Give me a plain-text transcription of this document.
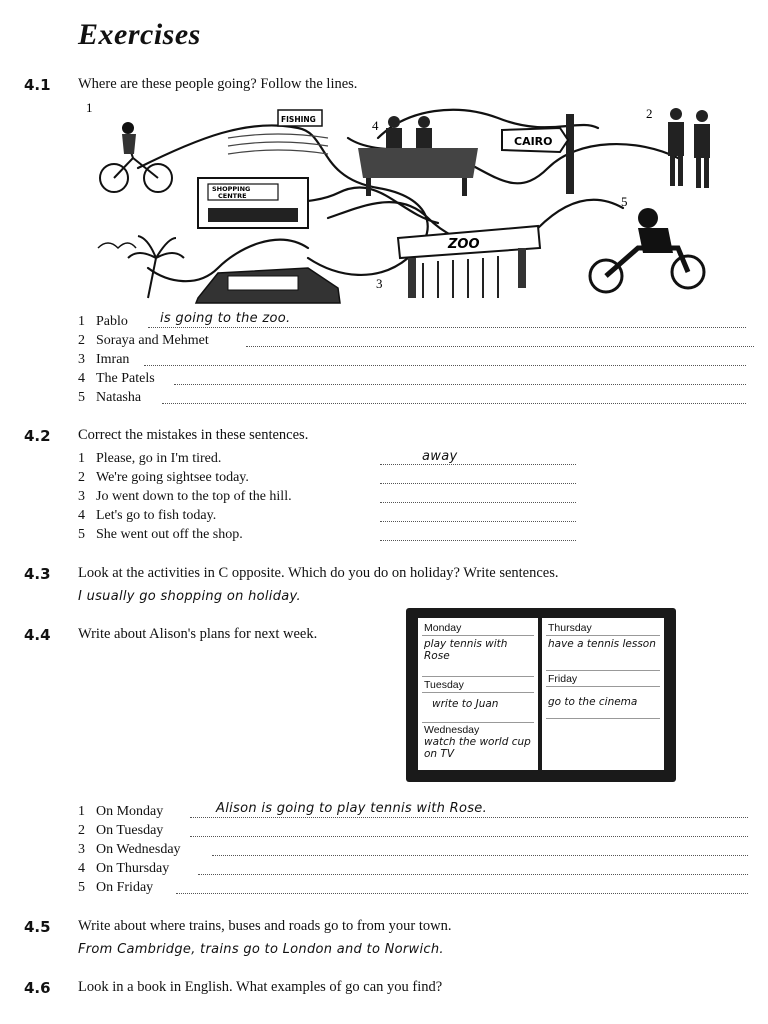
Exercises
4.1 Where are these people going? Follow the lines.
FISHING
SHOPPING
CENTRE
CAIRO
ZOO
1	2
3
4
5
1 Pablo is going to the zoo.
2 Soraya and Mehmet
3 Imran
4 The Patels
5 Natasha
4.2 Correct the mistakes in these sentences.
1 Please, go in I'm tired.	away
2 We're going sightsee today.
3 Jo went down to the top of the hill.
4 Let's go to fish today.
5 She went out off the shop.
4.3 Look at the activities in C opposite. Which do you do on holiday? Write sentences.
I usually go shopping on holiday.
4.4 Write about Alison's plans for next week.	Monday
play tennis with Rose
Tuesday
write to Juan
Wednesday
watch the world cup on TV
Thursday
have a tennis lesson
Friday
go to the cinema
1 On Monday	Alison is going to play tennis with Rose.
2 On Tuesday
3 On Wednesday
4 On Thursday
5 On Friday
4.5 Write about where trains, buses and roads go to from your town.
From Cambridge, trains go to London and to Norwich.
4.6 Look in a book in English. What examples of go can you find?
